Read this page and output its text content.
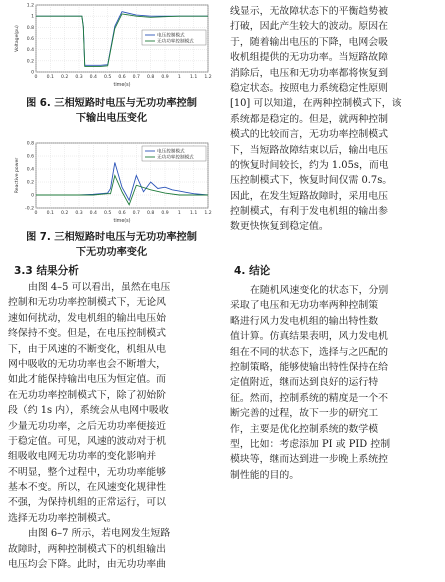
0 0.1 0.2 0.3 0.4 0.5 0.6 0.7 0.8 0.9 1 1.1 1.2
0
0.2
0.4
0.6
0.8
1
1.2
time(s)
Voltage(pu)	电压控制模式
无功功率控制模式
图 6. 三相短路时电压与无功功率控制
下输出电压变化
0 0.1 0.2 0.3 0.4 0.5 0.6 0.7 0.8 0.9 1 1.1 1.2
-0.2
0
0.2
0.4
0.6
0.8
time(s)
Reactive power
电压控制模式
无功功率控制模式
图 7. 三相短路时电压与无功功率控制
下无功功率变化
3.3 结果分析
由图 4–5 可以看出，虽然在电压
控制和无功功率控制模式下，无论风
速如何扰动，发电机组的输出电压始
终保持不变。但是，在电压控制模式
下，由于风速的不断变化，机组从电
网中吸收的无功功率也会不断增大，
如此才能保持输出电压为恒定值。而
在无功功率控制模式下，除了初始阶
段（约 1s 内），系统会从电网中吸收
少量无功功率，之后无功功率便接近
于稳定值。可见，风速的波动对于机
组吸收电网无功功率的变化影响并
不明显，整个过程中，无功功率能够
基本不变。所以，在风速变化规律性
不强，为保持机组的正常运行，可以
选择无功功率控制模式。
由图 6–7 所示，若电网发生短路
故障时，两种控制模式下的机组输出
电压均会下降。此时，由无功功率曲
线显示，无故障状态下的平衡趋势被
打破，因此产生较大的波动。原因在
于，随着输出电压的下降，电网会吸
收机组提供的无功功率。当短路故障
消除后，电压和无功功率都将恢复到
稳定状态。按照电力系统稳定性原则
[10] 可以知道，在两种控制模式下，该
系统都是稳定的。但是，就两种控制
模式的比较而言，无功功率控制模式
下，当短路故障结束以后，输出电压
的恢复时间较长，约为 1.05s，而电
压控制模式下，恢复时间仅需 0.7s。
因此，在发生短路故障时，采用电压
控制模式，有利于发电机组的输出参
数更快恢复到稳定值。
4. 结论
在随机风速变化的状态下，分别
采取了电压和无功功率两种控制策
略进行风力发电机组的输出特性数
值计算。仿真结果表明，风力发电机
组在不同的状态下，选择与之匹配的
控制策略，能够使输出特性保持在给
定值附近，继而达到良好的运行特
征。然而，控制系统的精度是一个不
断完善的过程，故下一步的研究工
作，主要是优化控制系统的数学模
型，比如：考虑添加 PI 或 PID 控制
模块等，继而达到进一步晚上系统控
制性能的目的。
